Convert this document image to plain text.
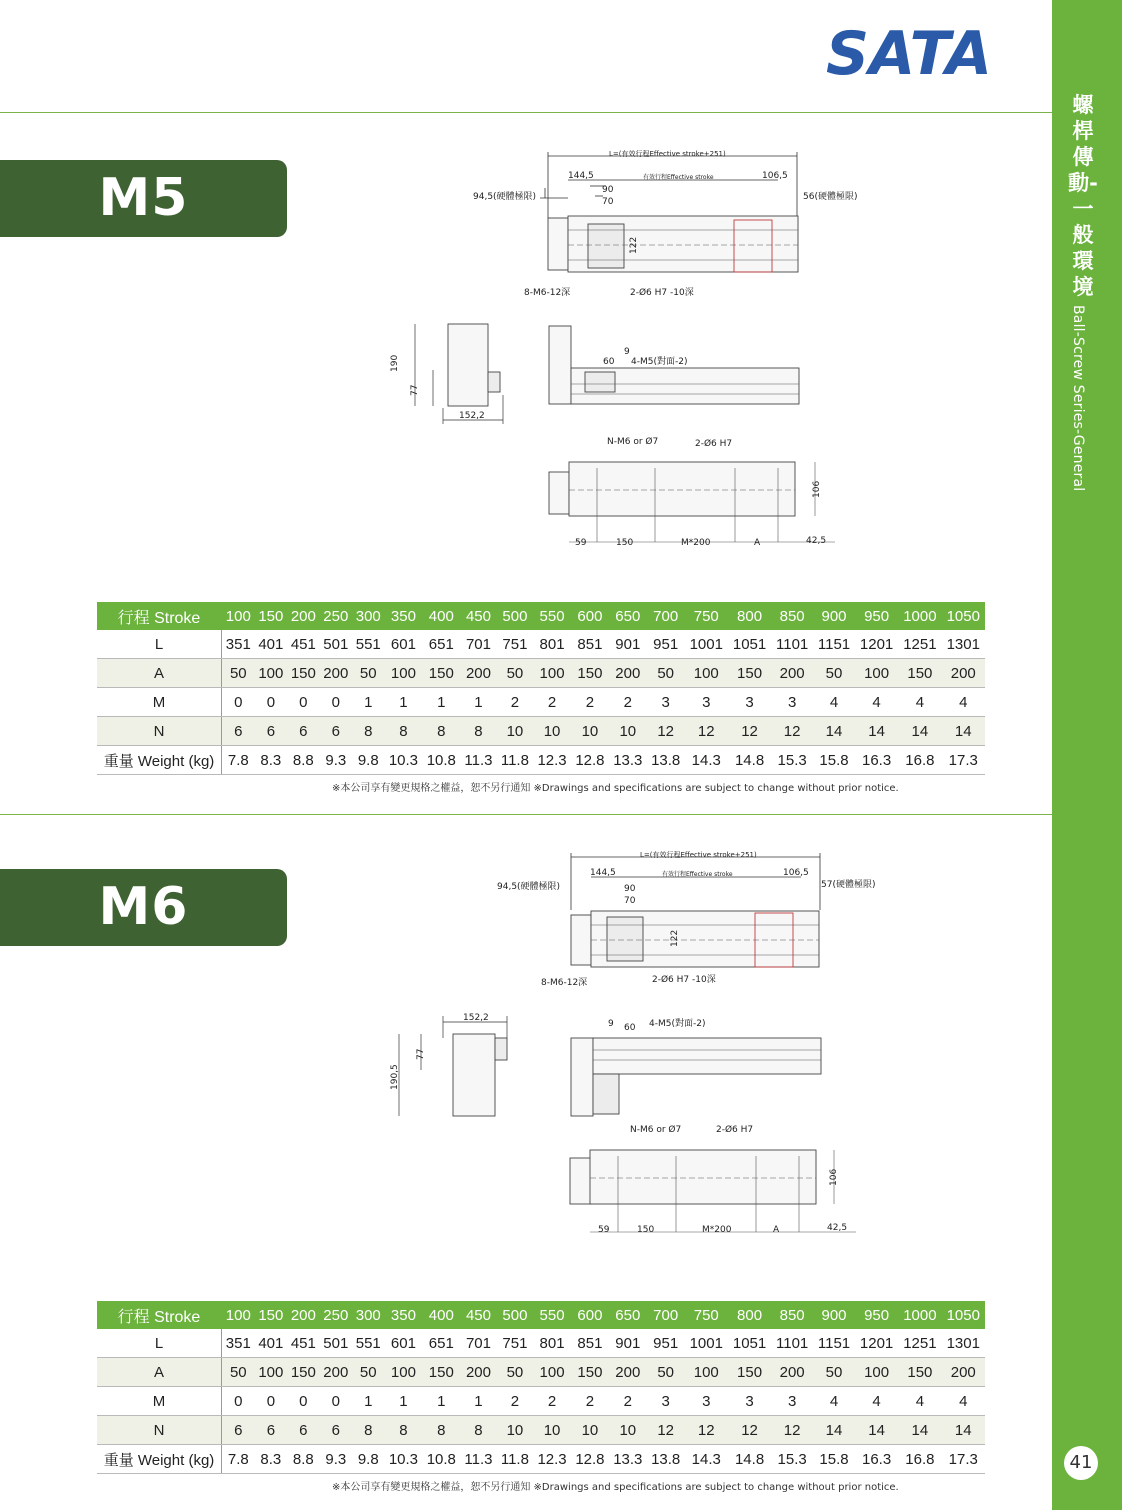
SATA
螺桿傳動-一般環境
Ball-Screw Series-General
41
M5
L=(有效行程Effective stroke+251)
144,5	有效行程Effective stroke	106,5
90
70
94,5(硬體極限)	56(硬體極限)
122
8-M6-12深	2-Ø6 H7 -10深
190
77
152,2
60
9
4-M5(對面-2)
N-M6 or Ø7	2-Ø6 H7
106
59	150	M*200	A	42,5
行程 Stroke	100	150	200	250	300	350	400	450	500	550	600	650	700	750	800	850	900	950	1000	1050
L	351	401	451	501	551	601	651	701	751	801	851	901	951	1001	1051	1101	1151	1201	1251	1301
A	50	100	150	200	50	100	150	200	50	100	150	200	50	100	150	200	50	100	150	200
M	0	0	0	0	1	1	1	1	2	2	2	2	3	3	3	3	4	4	4	4
N	6	6	6	6	8	8	8	8	10	10	10	10	12	12	12	12	14	14	14	14
重量 Weight (kg)	7.8	8.3	8.8	9.3	9.8	10.3	10.8	11.3	11.8	12.3	12.8	13.3	13.8	14.3	14.8	15.3	15.8	16.3	16.8	17.3
※本公司享有變更規格之權益，恕不另行通知 ※Drawings and specifications are subject to change without prior notice.
M6
L=(有效行程Effective stroke+251)
144,5	有效行程Effective stroke	106,5
90
70
94,5(硬體極限)	57(硬體極限)
122
8-M6-12深	2-Ø6 H7 -10深
152,2
190,5
77
9 60 4-M5(對面-2)
N-M6 or Ø7	2-Ø6 H7
106
59	150	M*200	A	42,5
行程 Stroke	100	150	200	250	300	350	400	450	500	550	600	650	700	750	800	850	900	950	1000	1050
L	351	401	451	501	551	601	651	701	751	801	851	901	951	1001	1051	1101	1151	1201	1251	1301
A	50	100	150	200	50	100	150	200	50	100	150	200	50	100	150	200	50	100	150	200
M	0	0	0	0	1	1	1	1	2	2	2	2	3	3	3	3	4	4	4	4
N	6	6	6	6	8	8	8	8	10	10	10	10	12	12	12	12	14	14	14	14
重量 Weight (kg)	7.8	8.3	8.8	9.3	9.8	10.3	10.8	11.3	11.8	12.3	12.8	13.3	13.8	14.3	14.8	15.3	15.8	16.3	16.8	17.3
※本公司享有變更規格之權益，恕不另行通知 ※Drawings and specifications are subject to change without prior notice.
